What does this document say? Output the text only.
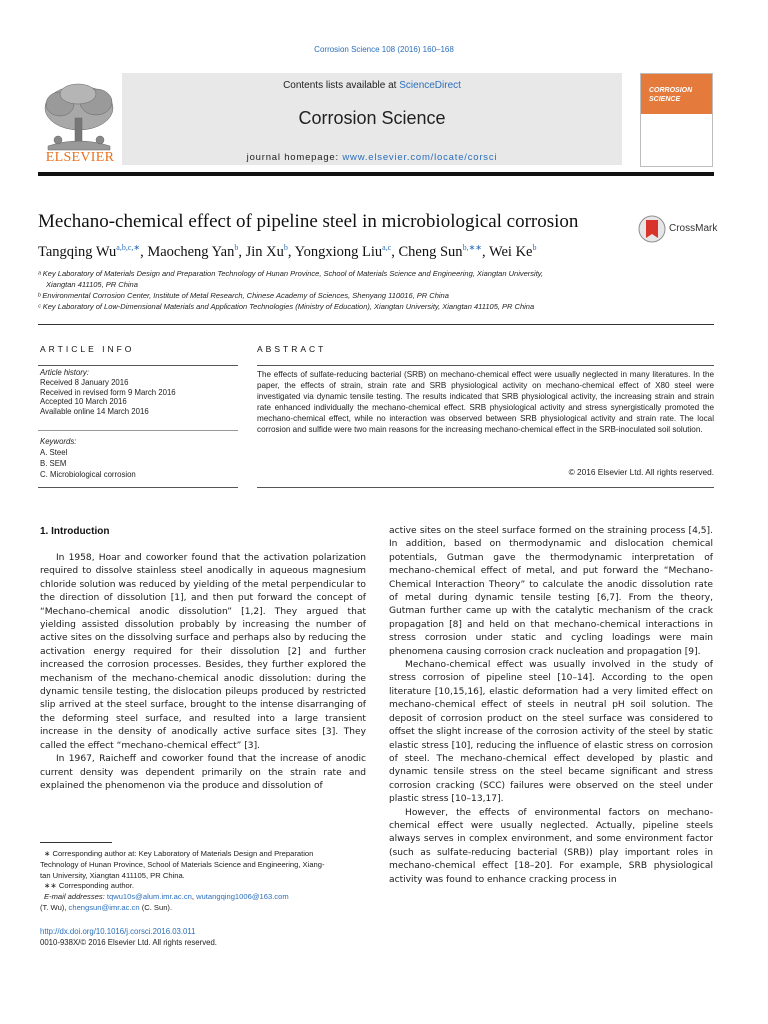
Corrosion Science 108 (2016) 160–168
Contents lists available at ScienceDirect
Corrosion Science
journal homepage: www.elsevier.com/locate/corsci
ELSEVIER
CORROSION SCIENCE
Mechano-chemical effect of pipeline steel in microbiological corrosion	CrossMark
Tangqing $Wu^{a,b,c,∗}$, Maocheng Yan$^b$, Jin Xu$^b$, Yongxiong Liu$^{a,c}$, Cheng Sun$^{b,∗∗}$, Wei Ke$^b$

ᵃ Key Laboratory of Materials Design and Preparation Technology of Hunan Province, School of Materials Science and Engineering, Xiangtan University,

Xiangtan 411105, PR China

ᵇ Environmental Corrosion Center, Institute of Metal Research, Chinese Academy of Sciences, Shenyang 110016, PR China

ᶜ Key Laboratory of Low-Dimensional Materials and Application Technologies (Ministry of Education), Xiangtan University, Xiangtan 411105, PR China

ARTICLE INFO	ABSTRACT
Article history:
Received 8 January 2016
Received in revised form 9 March 2016
Accepted 10 March 2016
Available online 14 March 2016
Keywords:
A. Steel
B. SEM
C. Microbiological corrosion
The effects of sulfate-reducing bacterial (SRB) on mechano-chemical effect were usually neglected in many literatures. In the paper, the effects of strain, strain rate and SRB physiological activity on mechano-chemical effect of X80 steel were investigated via dynamic tensile testing. The results indicated that SRB physiological activity, the increasing strain and strain rate enhanced individually the mechano-chemical effect. SRB physiological activity and stress synergistically promoted the mechano-chemical effect, while no interaction was observed between SRB physiological activity and strain rate. The local corrosion and sulfide were two main reasons for the increasing mechano-chemical effect in the SRB-inoculated soil solution.
© 2016 Elsevier Ltd. All rights reserved.
1. Introduction

In 1958, Hoar and coworker found that the activation polarization required to dissolve stainless steel anodically in aqueous magnesium chloride solution was reduced by yielding of the metal perpendicular to the direction of dissolution [1], and then put forward the concept of “Mechano-chemical anodic dissolution” [1,2]. They argued that yielding assisted dissolution probably by increasing the number of active sites on the dissolving surface and perhaps also by reducing the activation energy required for their dissolution [2] and further increased the corrosion processes. Besides, they further explored the mechanism of the mechano-chemical anodic dissolution: during the dynamic tensile testing, the dislocation pileups produced by restricted slip arrived at the steel surface, brought to the intense disarranging of the deforming steel surface, and resulted into a large transient increase in the density of anodically active surface sites [3]. They called the effect “mechano-chemical effect” [3].

In 1967, Raicheff and coworker found that the increase of anodic current density was dependent primarily on the strain rate and explained the phenomenon via the produce and dissolution of

active sites on the steel surface formed on the straining process [4,5]. In addition, based on thermodynamic and dislocation chemical potentials, Gutman gave the thermodynamic interpretation of mechano-chemical effect of metal, and put forward the “Mechano-Chemical Interaction Theory” to calculate the anodic dissolution rate of metal during dynamic tensile testing [6,7]. From the theory, Gutman further came up with the catalytic mechanism of the crack propagation [8] and held on that mechano-chemical interactions in stress corrosion under static and cycling loadings were main phenomena causing corrosion crack nucleation and propagation [9].

Mechano-chemical effect was usually involved in the study of stress corrosion of pipeline steel [10–14]. According to the open literature [10,15,16], elastic deformation had a very limited effect on mechano-chemical effect of steels in neutral pH soil solution. The deposit of corrosion product on the steel surface was considered to offset the slight increase of the corrosion activity of the steel by static elastic stress [10], reducing the influence of elastic stress on corrosion of steel. The mechano-chemical effect developed by plastic and dynamic tensile stress on the steel became significant and stress corrosion cracking (SCC) failures were observed on the steel under plastic stress [10–13,17].

However, the effects of environmental factors on mechano-chemical effect were usually neglected. Actually, pipeline steels always serves in complex environment, and some environment factor (such as sulfate-reducing bacterial (SRB)) play important roles in mechano-chemical effect [18–20]. For example, SRB physiological activity was found to enhance cracking process in

∗ Corresponding author at: Key Laboratory of Materials Design and Preparation

Technology of Hunan Province, School of Materials Science and Engineering, Xiang-

tan University, Xiangtan 411105, PR China.

∗∗ Corresponding author.

E-mail addresses: tqwu10s@alum.imr.ac.cn, wutangqing1006@163.com

(T. Wu), chengsun@imr.ac.cn (C. Sun).

http://dx.doi.org/10.1016/j.corsci.2016.03.011
0010-938X/© 2016 Elsevier Ltd. All rights reserved.
